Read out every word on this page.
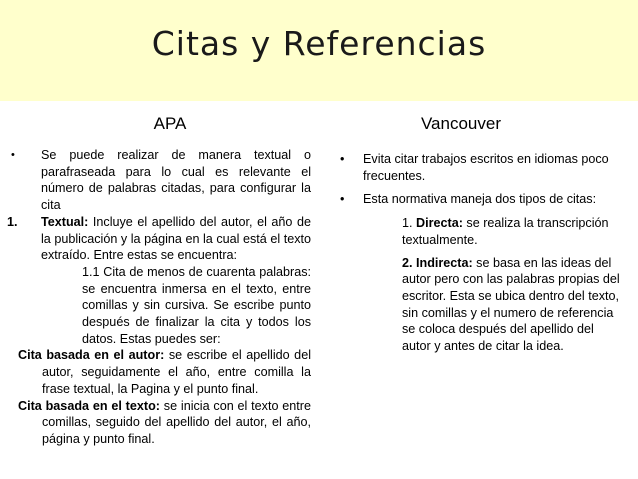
Citas y Referencias
APA	Vancouver
•	Se puede realizar de manera textual o parafraseada para lo cual es relevante el número de palabras citadas, para configurar la cita
1.	Textual: Incluye el apellido del autor, el año de la publicación y la página en la cual está el texto extraído. Entre estas se encuentra:
1.1 Cita de menos de cuarenta palabras: se encuentra inmersa en el texto, entre comillas y sin cursiva. Se escribe punto después de finalizar la cita y todos los datos. Estas puedes ser:
Cita basada en el autor: se escribe el apellido del autor, seguidamente el año, entre comilla la frase textual, la Pagina y el punto final.
Cita basada en el texto: se inicia con el texto entre comillas, seguido del apellido del autor, el año, página y punto final.
•	Evita citar trabajos escritos en idiomas poco frecuentes.
•	Esta normativa maneja dos tipos de citas:
1. Directa: se realiza la transcripción textualmente.
2. Indirecta: se basa en las ideas del autor pero con las palabras propias del escritor. Esta se ubica dentro del texto, sin comillas y el numero de referencia se coloca después del apellido del autor y antes de citar la idea.
